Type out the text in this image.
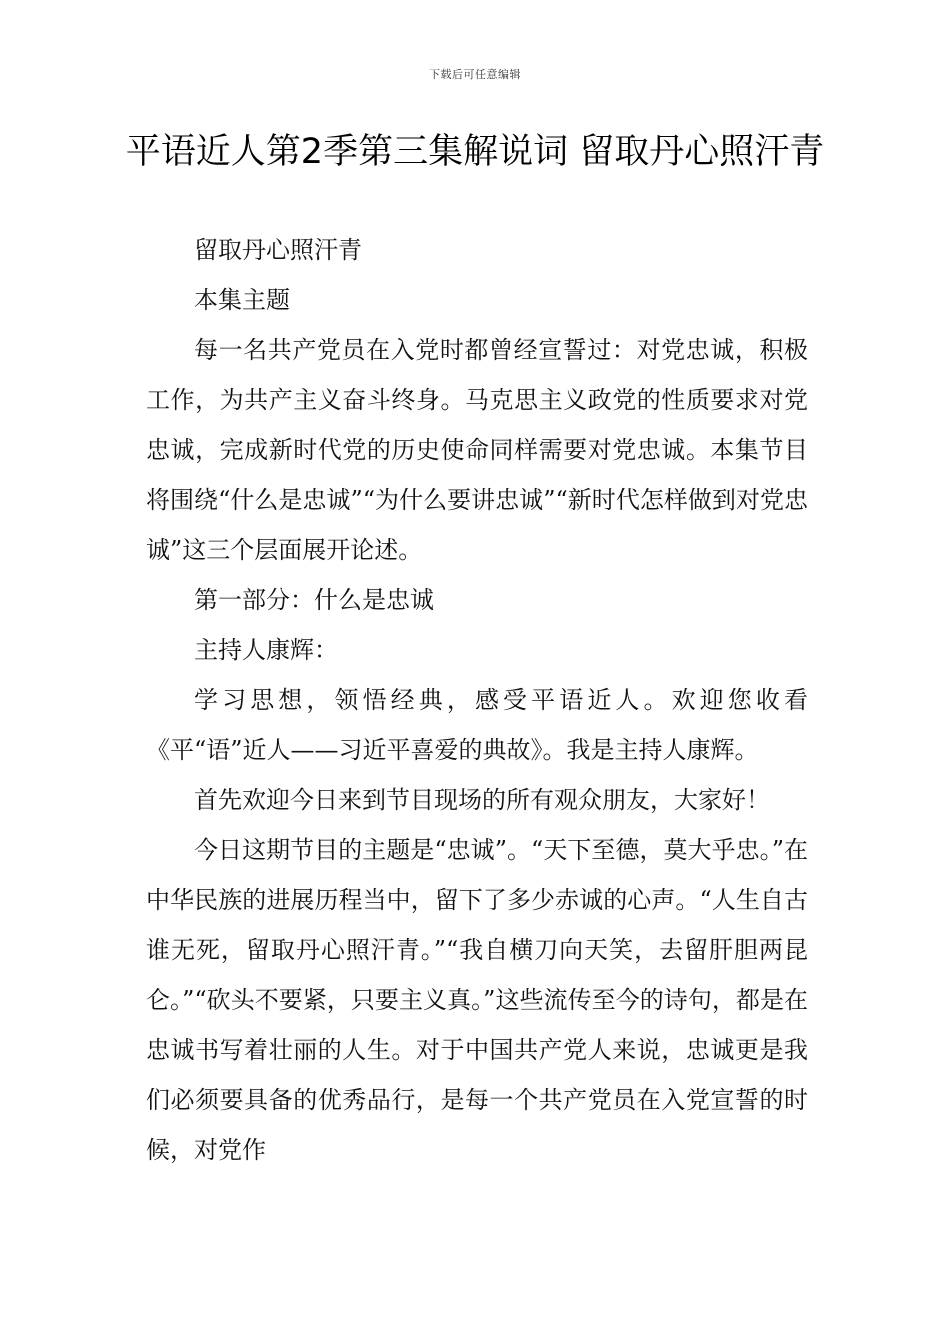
下载后可任意编辑
平语近人第2季第三集解说词 留取丹心照汗青

留取丹心照汗青

本集主题

每一名共产党员在入党时都曾经宣誓过：对党忠诚，积极工作，为共产主义奋斗终身。马克思主义政党的性质要求对党忠诚，完成新时代党的历史使命同样需要对党忠诚。本集节目将围绕“什么是忠诚”“为什么要讲忠诚”“新时代怎样做到对党忠诚”这三个层面展开论述。

第一部分：什么是忠诚

主持人康辉：

学习思想，领悟经典，感受平语近人。欢迎您收看《平“语”近人——习近平喜爱的典故》。我是主持人康辉。

首先欢迎今日来到节目现场的所有观众朋友，大家好！

今日这期节目的主题是“忠诚”。“天下至德，莫大乎忠。”在中华民族的进展历程当中，留下了多少赤诚的心声。“人生自古谁无死，留取丹心照汗青。”“我自横刀向天笑，去留肝胆两昆仑。”“砍头不要紧，只要主义真。”这些流传至今的诗句，都是在忠诚书写着壮丽的人生。对于中国共产党人来说，忠诚更是我们必须要具备的优秀品行，是每一个共产党员在入党宣誓的时候，对党作
